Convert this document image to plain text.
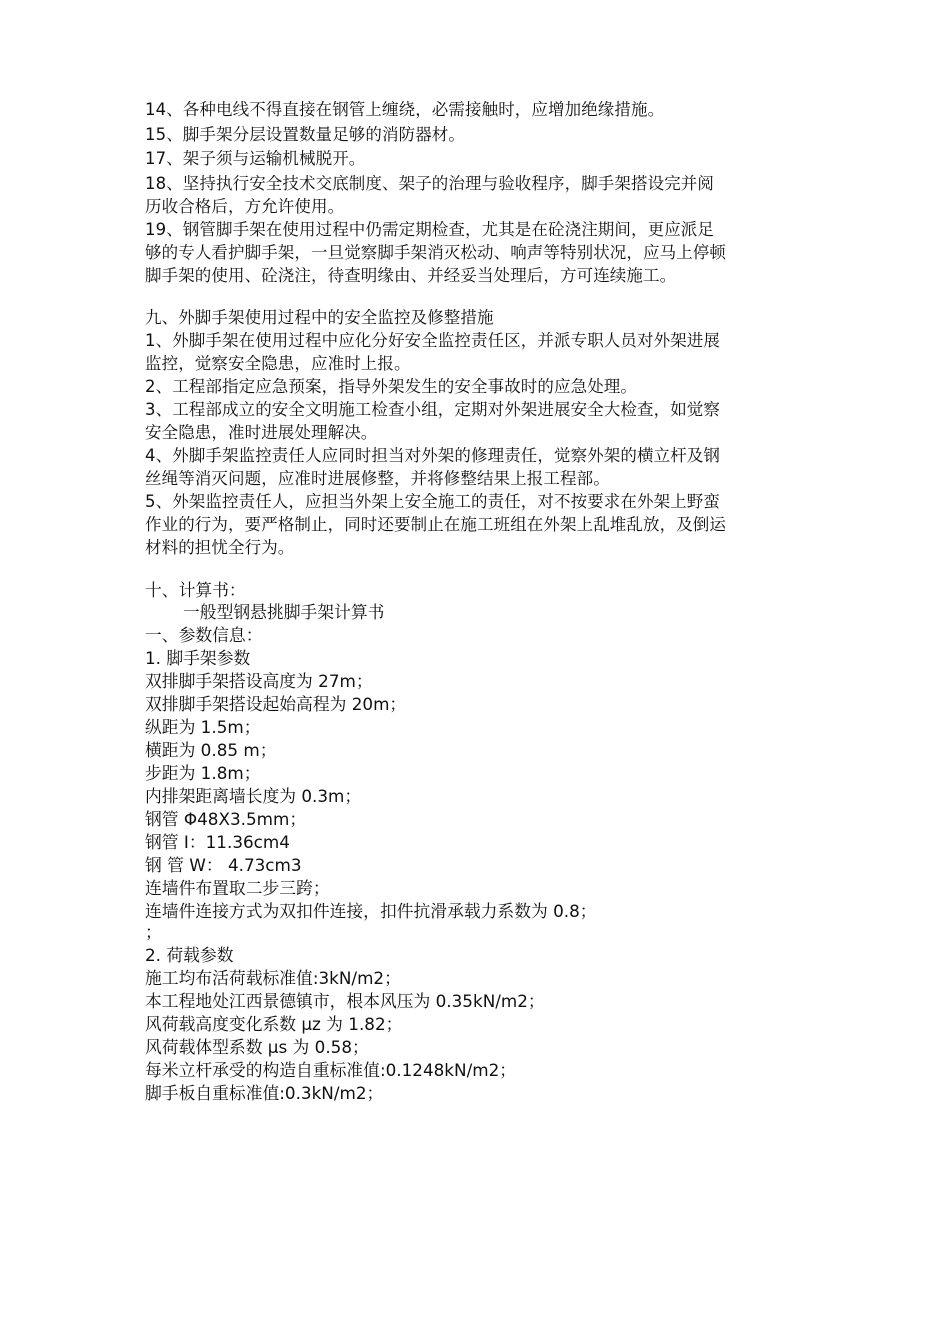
14、各种电线不得直接在钢管上缠绕，必需接触时，应增加绝缘措施。
15、脚手架分层设置数量足够的消防器材。
17、架子须与运输机械脱开。
18、坚持执行安全技术交底制度、架子的治理与验收程序，脚手架搭设完并阅
历收合格后，方允许使用。
19、钢管脚手架在使用过程中仍需定期检查，尤其是在砼浇注期间，更应派足
够的专人看护脚手架，一旦觉察脚手架消灭松动、响声等特别状况，应马上停顿
脚手架的使用、砼浇注，待查明缘由、并经妥当处理后，方可连续施工。
九、外脚手架使用过程中的安全监控及修整措施
1、外脚手架在使用过程中应化分好安全监控责任区，并派专职人员对外架进展
监控，觉察安全隐患，应准时上报。
2、工程部指定应急预案，指导外架发生的安全事故时的应急处理。
3、工程部成立的安全文明施工检查小组，定期对外架进展安全大检查，如觉察
安全隐患，准时进展处理解决。
4、外脚手架监控责任人应同时担当对外架的修理责任，觉察外架的横立杆及钢
丝绳等消灭问题，应准时进展修整，并将修整结果上报工程部。
5、外架监控责任人，应担当外架上安全施工的责任，对不按要求在外架上野蛮
作业的行为，要严格制止，同时还要制止在施工班组在外架上乱堆乱放，及倒运
材料的担忧全行为。
十、计算书：
一般型钢悬挑脚手架计算书
一、参数信息：
1. 脚手架参数
双排脚手架搭设高度为 27m；
双排脚手架搭设起始高程为 20m；
纵距为 1.5m；
横距为 0.85 m；
步距为 1.8m；
内排架距离墙长度为 0.3m；
钢管 Φ48X3.5mm；
钢管 I：11.36cm4
钢 管 W： 4.73cm3
连墙件布置取二步三跨；
连墙件连接方式为双扣件连接，扣件抗滑承载力系数为 0.8；
；
2. 荷载参数
施工均布活荷载标准值:3kN/m2；
本工程地处江西景德镇市，根本风压为 0.35kN/m2；
风荷载高度变化系数 μz 为 1.82；
风荷载体型系数 μs 为 0.58；
每米立杆承受的构造自重标准值:0.1248kN/m2；
脚手板自重标准值:0.3kN/m2；
